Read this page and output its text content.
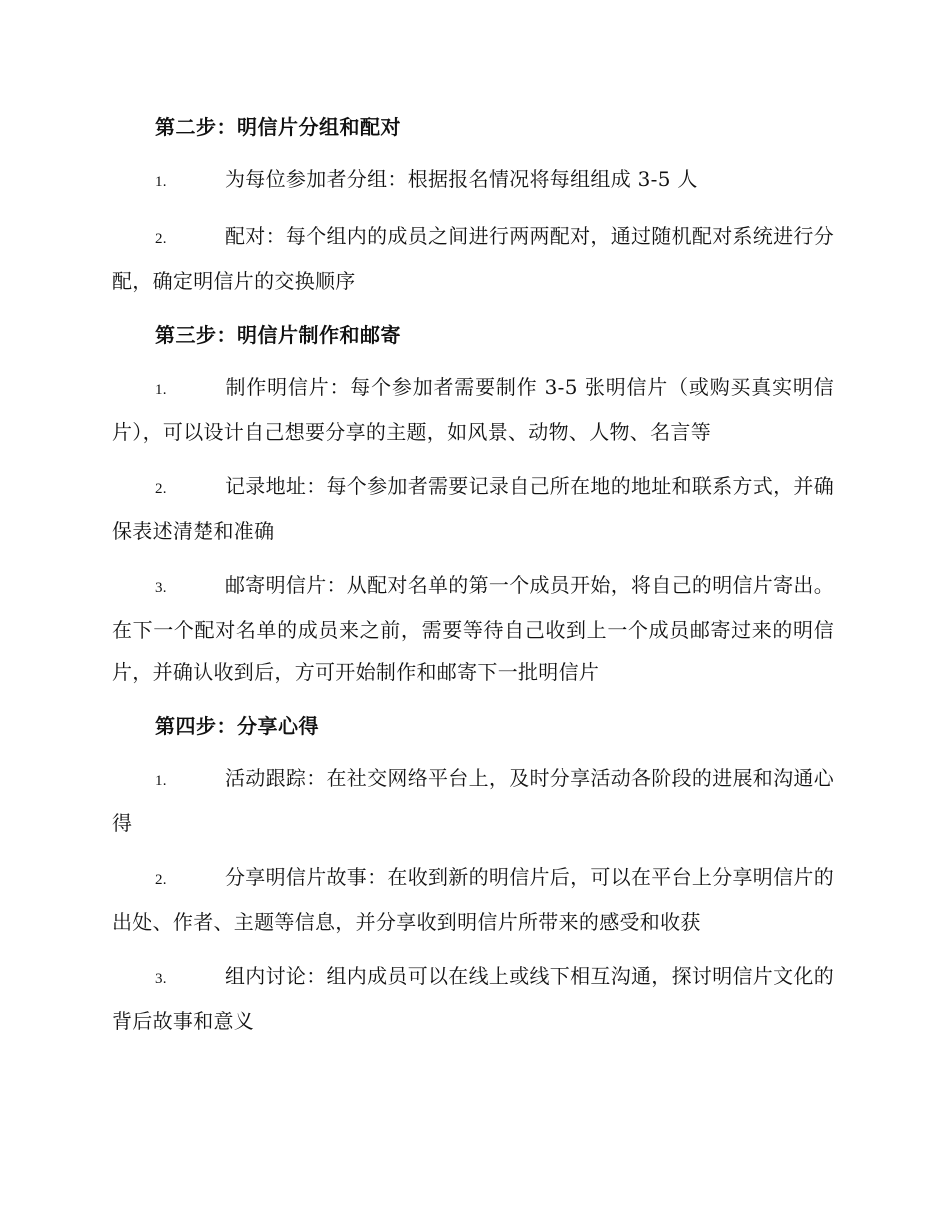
第二步：明信片分组和配对

1.	为每位参加者分组：根据报名情况将每组组成 3-5 人

2.	配对：每个组内的成员之间进行两两配对，通过随机配对系统进行分配，确定明信片的交换顺序

第三步：明信片制作和邮寄

1.	制作明信片：每个参加者需要制作 3-5 张明信片（或购买真实明信片），可以设计自己想要分享的主题，如风景、动物、人物、名言等

2.	记录地址：每个参加者需要记录自己所在地的地址和联系方式，并确保表述清楚和准确

3.	邮寄明信片：从配对名单的第一个成员开始，将自己的明信片寄出。在下一个配对名单的成员来之前，需要等待自己收到上一个成员邮寄过来的明信片，并确认收到后，方可开始制作和邮寄下一批明信片

第四步：分享心得

1.	活动跟踪：在社交网络平台上，及时分享活动各阶段的进展和沟通心得

2.	分享明信片故事：在收到新的明信片后，可以在平台上分享明信片的出处、作者、主题等信息，并分享收到明信片所带来的感受和收获

3.	组内讨论：组内成员可以在线上或线下相互沟通，探讨明信片文化的背后故事和意义
